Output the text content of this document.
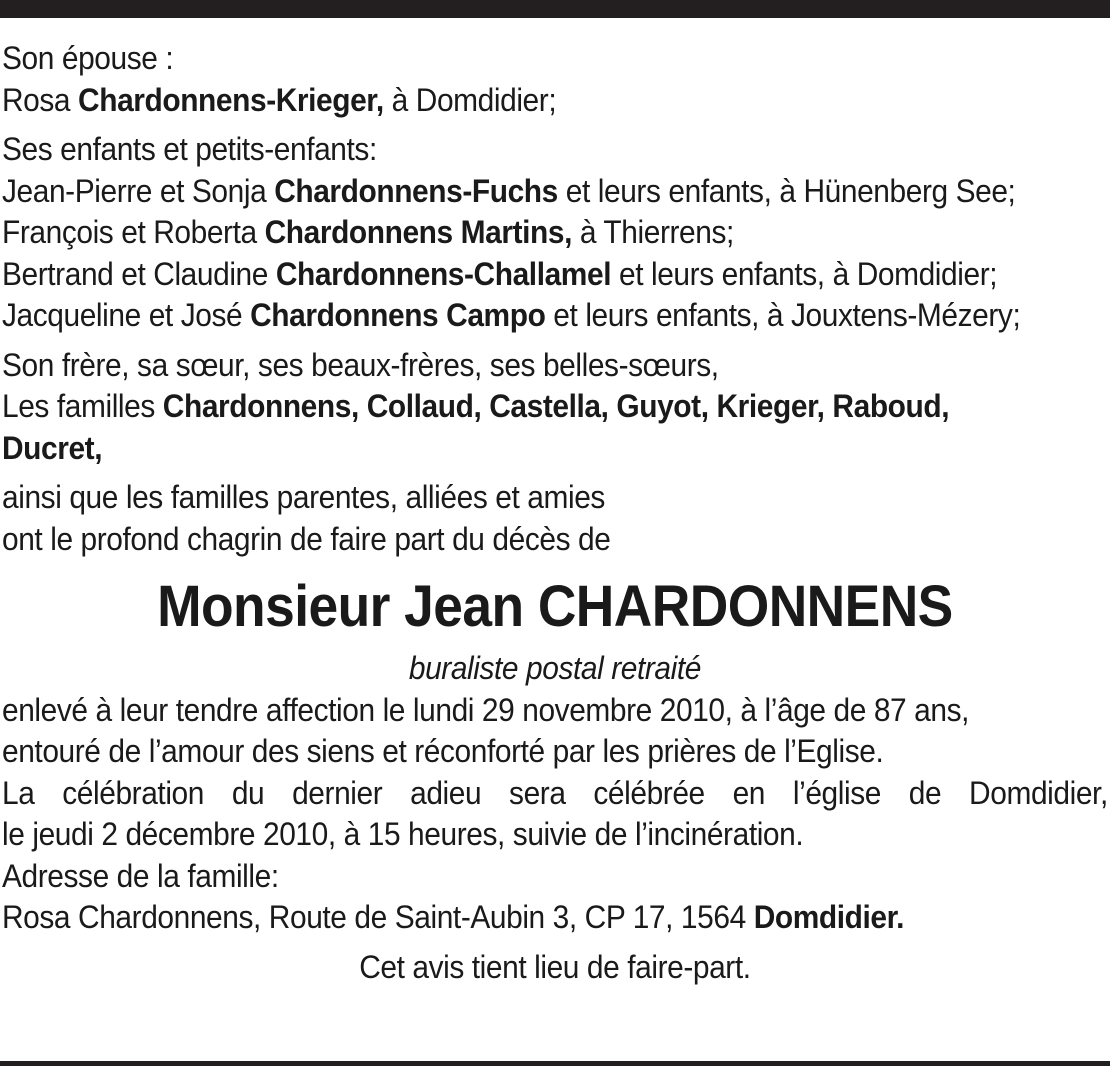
Son épouse :
Rosa Chardonnens-Krieger, à Domdidier;
Ses enfants et petits-enfants:
Jean-Pierre et Sonja Chardonnens-Fuchs et leurs enfants, à Hünenberg See;
François et Roberta Chardonnens Martins, à Thierrens;
Bertrand et Claudine Chardonnens-Challamel et leurs enfants, à Domdidier;
Jacqueline et José Chardonnens Campo et leurs enfants, à Jouxtens-Mézery;
Son frère, sa sœur, ses beaux-frères, ses belles-sœurs,
Les familles Chardonnens, Collaud, Castella, Guyot, Krieger, Raboud,
Ducret,
ainsi que les familles parentes, alliées et amies
ont le profond chagrin de faire part du décès de
Monsieur Jean CHARDONNENS
buraliste postal retraité
enlevé à leur tendre affection le lundi 29 novembre 2010, à l’âge de 87 ans,
entouré de l’amour des siens et réconforté par les prières de l’Eglise.
La célébration du dernier adieu sera célébrée en l’église de Domdidier,
le jeudi 2 décembre 2010, à 15 heures, suivie de l’incinération.
Adresse de la famille:
Rosa Chardonnens, Route de Saint-Aubin 3, CP 17, 1564 Domdidier.
Cet avis tient lieu de faire-part.
